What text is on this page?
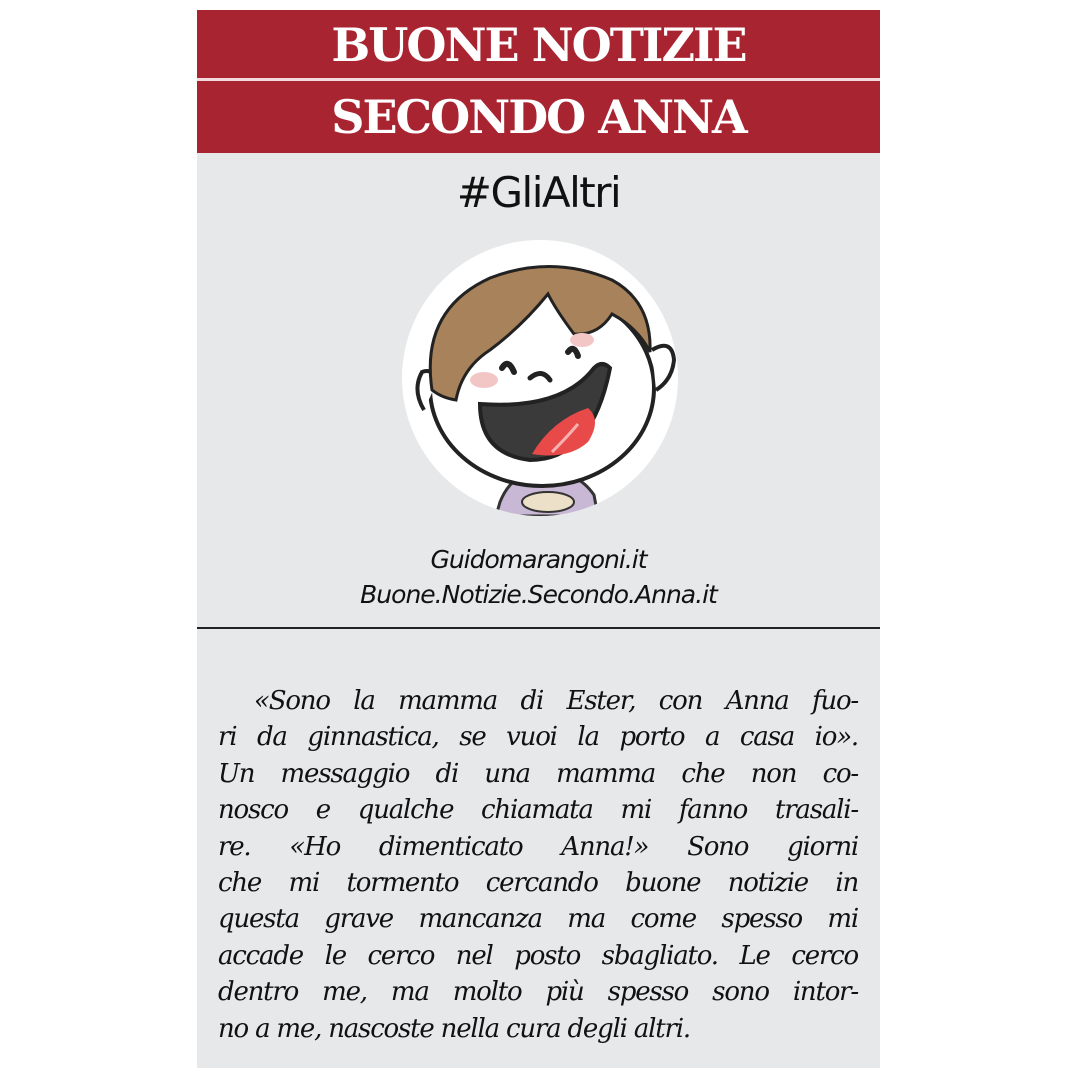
BUONE NOTIZIE
SECONDO ANNA
#GliAltri
Guidomarangoni.it
Buone.Notizie.Secondo.Anna.it
«Sono la mamma di Ester, con Anna fuo-
ri da ginnastica, se vuoi la porto a casa io».
Un messaggio di una mamma che non co-
nosco e qualche chiamata mi fanno trasali-
re. «Ho dimenticato Anna!» Sono giorni
che mi tormento cercando buone notizie in
questa grave mancanza ma come spesso mi
accade le cerco nel posto sbagliato. Le cerco
dentro me, ma molto più spesso sono intor-
no a me, nascoste nella cura degli altri.
